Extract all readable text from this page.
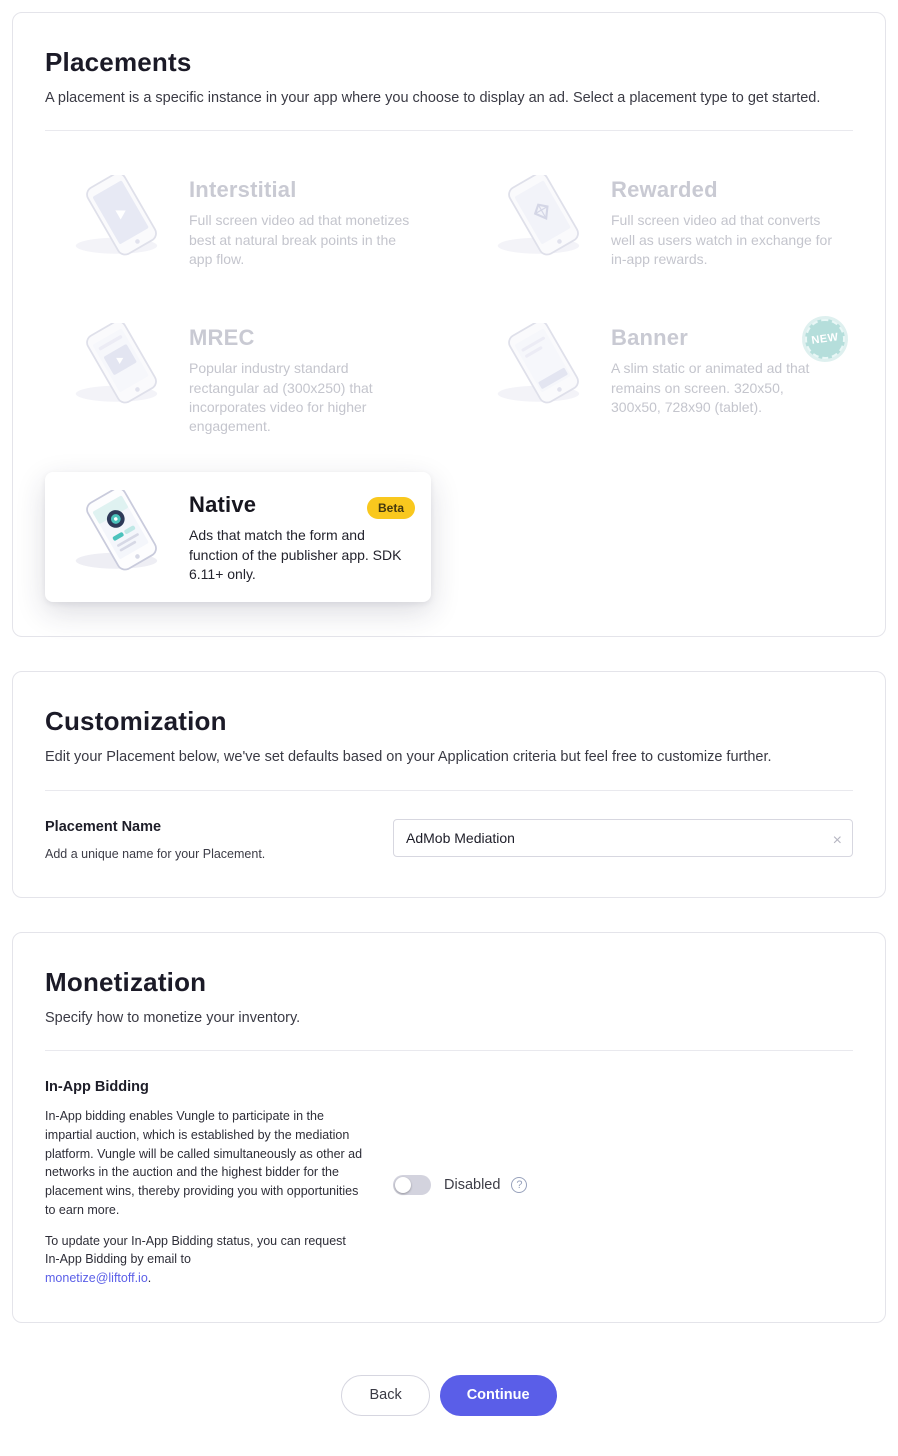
Placements

A placement is a specific instance in your app where you choose to display an ad. Select a placement type to get started.

Interstitial

Full screen video ad that monetizes best at natural break points in the app flow.

Rewarded

Full screen video ad that converts well as users watch in exchange for in-app rewards.

MREC

Popular industry standard rectangular ad (300x250) that incorporates video for higher engagement.

Banner

A slim static or animated ad that remains on screen. 320x50, 300x50, 728x90 (tablet).

NEW
Native	Beta

Ads that match the form and function of the publisher app. SDK 6.11+ only.

Customization

Edit your Placement below, we've set defaults based on your Application criteria but feel free to customize further.

Placement Name

Add a unique name for your Placement.

AdMob Mediation
×
Monetization

Specify how to monetize your inventory.

In-App Bidding

In-App bidding enables Vungle to participate in the impartial auction, which is established by the mediation platform. Vungle will be called simultaneously as other ad networks in the auction and the highest bidder for the placement wins, thereby providing you with opportunities to earn more.

To update your In-App Bidding status, you can request In-App Bidding by email to
monetize@liftoff.io.

Disabled	?
Back	Continue
